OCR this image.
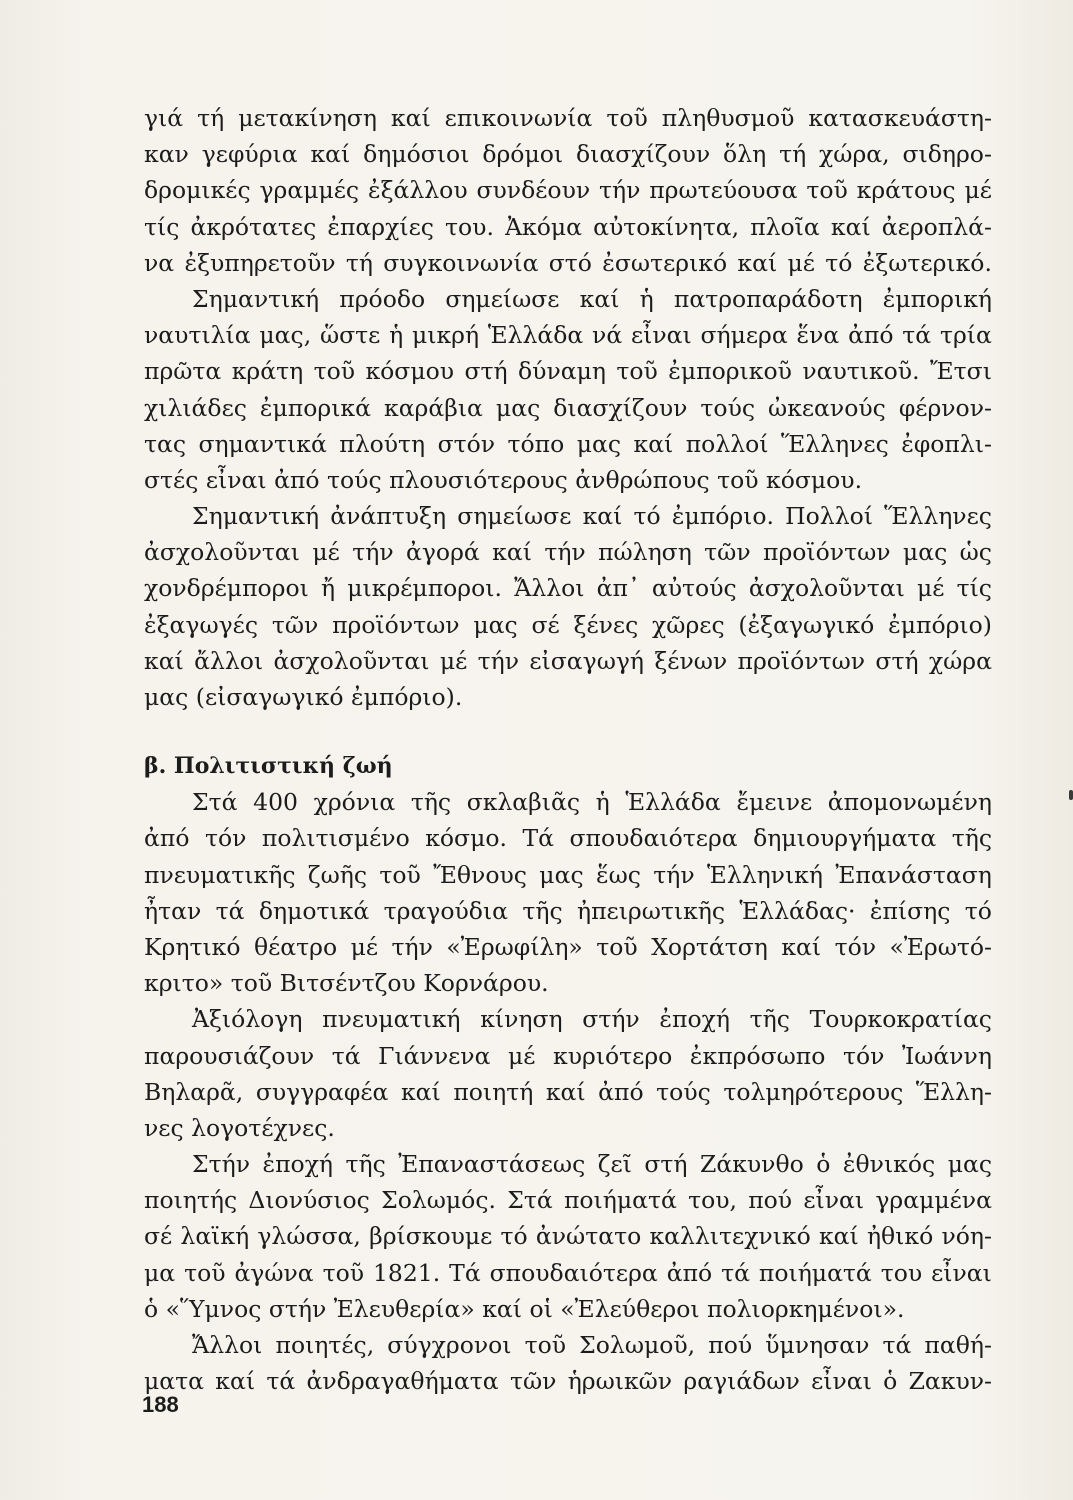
γιά τή μετακίνηση καί επικοινωνία τοῦ πληθυσμοῦ κατασκευάστη-
καν γεφύρια καί δημόσιοι δρόμοι διασχίζουν ὅλη τή χώρα, σιδηρο-
δρομικές γραμμές ἐξάλλου συνδέουν τήν πρωτεύουσα τοῦ κράτους μέ
τίς ἀκρότατες ἐπαρχίες του. Ἀκόμα αὐτοκίνητα, πλοῖα καί ἀεροπλά-
να ἐξυπηρετοῦν τή συγκοινωνία στό ἐσωτερικό καί μέ τό ἐξωτερικό.
Σημαντική πρόοδο σημείωσε καί ἡ πατροπαράδοτη ἐμπορική
ναυτιλία μας, ὥστε ἡ μικρή Ἑλλάδα νά εἶναι σήμερα ἕνα ἀπό τά τρία
πρῶτα κράτη τοῦ κόσμου στή δύναμη τοῦ ἐμπορικοῦ ναυτικοῦ. Ἔτσι
χιλιάδες ἐμπορικά καράβια μας διασχίζουν τούς ὠκεανούς φέρνον-
τας σημαντικά πλούτη στόν τόπο μας καί πολλοί Ἕλληνες ἐφοπλι-
στές εἶναι ἀπό τούς πλουσιότερους ἀνθρώπους τοῦ κόσμου.
Σημαντική ἀνάπτυξη σημείωσε καί τό ἐμπόριο. Πολλοί Ἕλληνες
ἀσχολοῦνται μέ τήν ἀγορά καί τήν πώληση τῶν προϊόντων μας ὡς
χονδρέμποροι ἤ μικρέμποροι. Ἄλλοι ἀπ᾽ αὐτούς ἀσχολοῦνται μέ τίς
ἐξαγωγές τῶν προϊόντων μας σέ ξένες χῶρες (ἐξαγωγικό ἐμπόριο)
καί ἄλλοι ἀσχολοῦνται μέ τήν εἰσαγωγή ξένων προϊόντων στή χώρα
μας (εἰσαγωγικό ἐμπόριο).
β. Πολιτιστική ζωή
Στά 400 χρόνια τῆς σκλαβιᾶς ἡ Ἑλλάδα ἔμεινε ἀπομονωμένη
ἀπό τόν πολιτισμένο κόσμο. Τά σπουδαιότερα δημιουργήματα τῆς
πνευματικῆς ζωῆς τοῦ Ἔθνους μας ἕως τήν Ἑλληνική Ἐπανάσταση
ἦταν τά δημοτικά τραγούδια τῆς ἠπειρωτικῆς Ἑλλάδας· ἐπίσης τό
Κρητικό θέατρο μέ τήν «Ἐρωφίλη» τοῦ Χορτάτση καί τόν «Ἐρωτό-
κριτο» τοῦ Βιτσέντζου Κορνάρου.
Ἀξιόλογη πνευματική κίνηση στήν ἐποχή τῆς Τουρκοκρατίας
παρουσιάζουν τά Γιάννενα μέ κυριότερο ἐκπρόσωπο τόν Ἰωάννη
Βηλαρᾶ, συγγραφέα καί ποιητή καί ἀπό τούς τολμηρότερους Ἕλλη-
νες λογοτέχνες.
Στήν ἐποχή τῆς Ἐπαναστάσεως ζεῖ στή Ζάκυνθο ὁ ἐθνικός μας
ποιητής Διονύσιος Σολωμός. Στά ποιήματά του, πού εἶναι γραμμένα
σέ λαϊκή γλώσσα, βρίσκουμε τό ἀνώτατο καλλιτεχνικό καί ἠθικό νόη-
μα τοῦ ἀγώνα τοῦ 1821. Τά σπουδαιότερα ἀπό τά ποιήματά του εἶναι
ὁ «Ὕμνος στήν Ἐλευθερία» καί οἱ «Ἐλεύθεροι πολιορκημένοι».
Ἄλλοι ποιητές, σύγχρονοι τοῦ Σολωμοῦ, πού ὕμνησαν τά παθή-
ματα καί τά ἀνδραγαθήματα τῶν ἡρωικῶν ραγιάδων εἶναι ὁ Ζακυν-
188
